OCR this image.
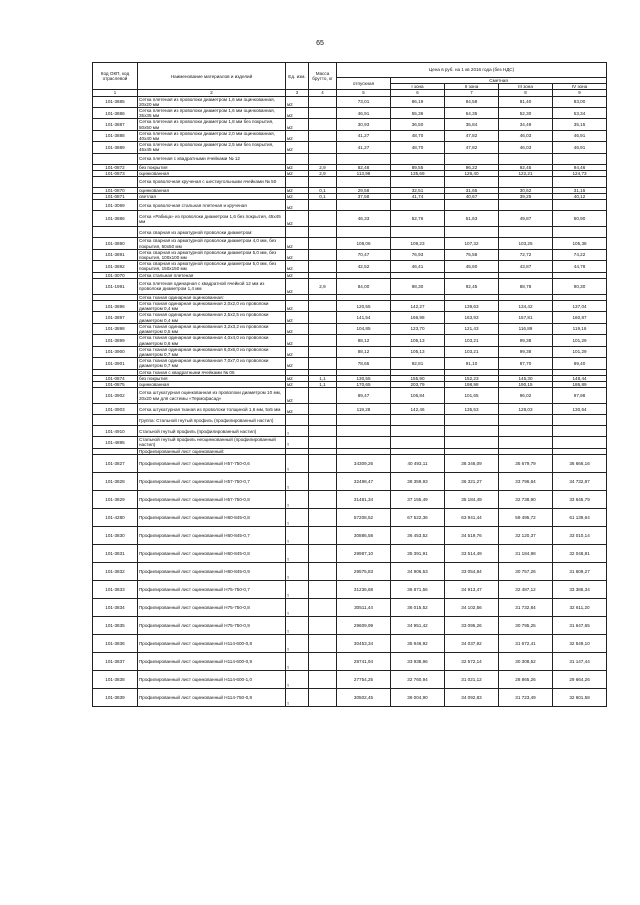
65
Код ОКП, код отраслевой	Наименование материалов и изделий	Ед. изм.	Масса брутто, кг	Цена в руб. на 1 кв 2016 года (без НДС)				
				отпускная	Сметная			
					I зона	II зона	III зона	IV зона
1	2	3	4	5	6	7	8	9
101-3885	Сетка плетеная из проволоки диаметром 1,6 мм оцинкованная, 20х20 мм	м2		73,01	86,19	84,58	81,40	83,00
101-3886	Сетка плетеная из проволоки диаметром 1,6 мм оцинкованная, 35х35 мм	м2		46,91	55,36	54,35	52,30	53,34
101-3887	Сетка плетеная из проволоки диаметром 1,8 мм без покрытия, 50х50 мм	м2		30,93	36,50	35,84	34,49	35,15
101-3888	Сетка плетеная из проволоки диаметром 2,0 мм оцинкованная, 40х40 мм	м2		41,27	48,70	47,82	46,03	46,91
101-3889	Сетка плетеная из проволоки диаметром 2,5 мм без покрытия, 45х45 мм	м2		41,27	48,70	47,82	46,03	46,91
	Сетка плетеная с квадратными ячейками № 12							
101-0872	без покрытия	м2	2,9	82,48	89,55	96,22	92,45	94,46
101-0873	оцинкованная	м2	2,9	113,98	135,69	126,40	122,21	124,73
	Сетка проволочная крученая с шестиугольными ячейками № 50							
101-0870	оцинкованная	м2	0,1	29,58	32,51	31,65	30,62	31,15
101-0871	светлая	м2	0,1	37,58	41,74	40,67	39,25	40,12
101-3069	Сетка проволочная стальная плетеная и крученая	м2						
101-3886	Сетка «Рабица» из проволоки диаметром 1,6 без покрытия, 45х45 мм	м2		46,33	52,76	51,63	49,87	50,90
	Сетка сварная из арматурной проволоки диаметром:							
101-3890	Сетка сварная из арматурной проволоки диаметром 4,0 мм, без покрытия, 50х50 мм	м2		108,06	109,23	107,32	103,25	105,38
101-3891	Сетка сварная из арматурной проволоки диаметром 5,0 мм, без покрытия, 100х100 мм	м2		70,47	76,93	75,58	72,72	74,22
101-3892	Сетка сварная из арматурной проволоки диаметром 5,0 мм, без покрытия, 150х150 мм	м2		42,52	46,41	45,60	43,87	44,78
101-3070	Сетка стальная плетеная	м2						
101-1991	Сетка плетеная одинарная с квадратной ячейкой 12 мм из проволоки диаметром 1,4 мм	м2	2,9	84,00	98,30	92,45	88,78	90,30
	Сетка тканая одинарная оцинкованная:							
101-3896	Сетка тканая одинарная оцинкованная 2,0х2,0 из проволоки диаметром 0,4 мм	м2		120,55	142,27	139,63	134,42	137,04
101-3897	Сетка тканая одинарная оцинкованная 2,5х2,5 из проволоки диаметром 0,4 мм	м2		141,54	166,98	163,93	157,81	160,87
101-3898	Сетка тканая одинарная оцинкованная 3,2х3,2 из проволоки диаметром 0,5 мм	м2		104,85	123,70	121,43	116,89	119,16
101-3899	Сетка тканая одинарная оцинкованная 4,0х4,0 из проволоки диаметром 0,6 мм	м2		88,12	105,13	103,21	99,38	101,29
101-3900	Сетка тканая одинарная оцинкованная 6,0х6,0 из проволоки диаметром 0,7 мм	м2		88,12	105,13	103,21	99,38	101,29
101-3901	Сетка тканая одинарная оцинкованная 7,0х7,0 из проволоки диаметром 0,7 мм	м2		78,65	92,81	91,10	87,70	89,40
	Сетка тканая с квадратными ячейками № 05							
101-0874	без покрытия	м2	1,1	130,55	155,90	152,23	145,30	148,44
101-0875	оцинкованная	м2	1,1	170,65	203,79	198,98	190,15	186,89
101-3902	Сетка штукатурная оцинкованная из проволоки диаметром 10 мм, 20х20 мм для системы «Термофасад»	м2		89,47	106,84	101,65	96,02	97,98
101-3903	Сетка штукатурная тканая из проволоки толщиной 1,6 мм, 5х5 мм	м2		119,28	142,46	135,53	128,03	130,64
	Группа: Стальной гнутый профиль (профилированный настил)							
101-4910	Стальной гнутый профиль (профилированный настил)	т						
101-4895	Стальной гнутый профиль неоцинкованный (профилированный настил)	т						
	Профилированный лист оцинкованный:							
101-3827	Профилированный лист оцинкованный Н57-750-0,6	т		34309,26	40 493,11	38 346,09	35 679,79	36 666,16
101-3828	Профилированный лист оцинкованный Н57-750-0,7	т		32498,47	38 359,93	36 321,27	33 796,64	34 732,87
101-3829	Профилированный лист оцинкованный Н57-750-0,8	т		31481,34	37 155,49	35 184,49	32 738,90	33 645,79
101-4280	Профилированный лист оцинкованный Н60-845-0,8	т		57208,52	67 522,36	63 941,44	59 495,72	61 139,64
101-3830	Профилированный лист оцинкованный Н60-845-0,7	т		30886,58	36 453,52	34 519,76	32 120,37	33 010,14
101-3831	Профилированный лист оцинкованный Н60-845-0,8	т		29987,10	35 391,91	33 514,49	31 184,98	32 048,81
101-3832	Профилированный лист оцинкованный Н60-845-0,9	т		29575,83	34 906,53	33 054,84	30 757,26	31 609,27
101-3833	Профилированный лист оцинкованный Н75-750-0,7	т		31236,68	36 871,56	34 913,47	32 487,12	33 386,34
101-3834	Профилированный лист оцинкованный Н75-750-0,8	т		30511,44	36 015,52	34 102,56	31 732,84	32 611,20
101-3835	Профилированный лист оцинкованный Н75-750-0,9	т		29609,99	34 951,42	33 095,26	30 795,25	31 647,65
101-3836	Профилированный лист оцинкованный Н114-600-0,8	т		30453,34	35 946,92	34 037,92	31 672,41	32 549,10
101-3837	Профилированный лист оцинкованный Н114-600-0,9	т		28741,94	33 938,96	32 572,14	30 308,52	31 147,44
101-3838	Профилированный лист оцинкованный Н114-600-1,0	т		27754,25	32 760,94	31 021,12	28 865,26	29 664,26
101-3839	Профилированный лист оцинкованный Н114-750-0,8	т		30502,45	36 004,90	34 092,83	31 723,49	32 601,58
